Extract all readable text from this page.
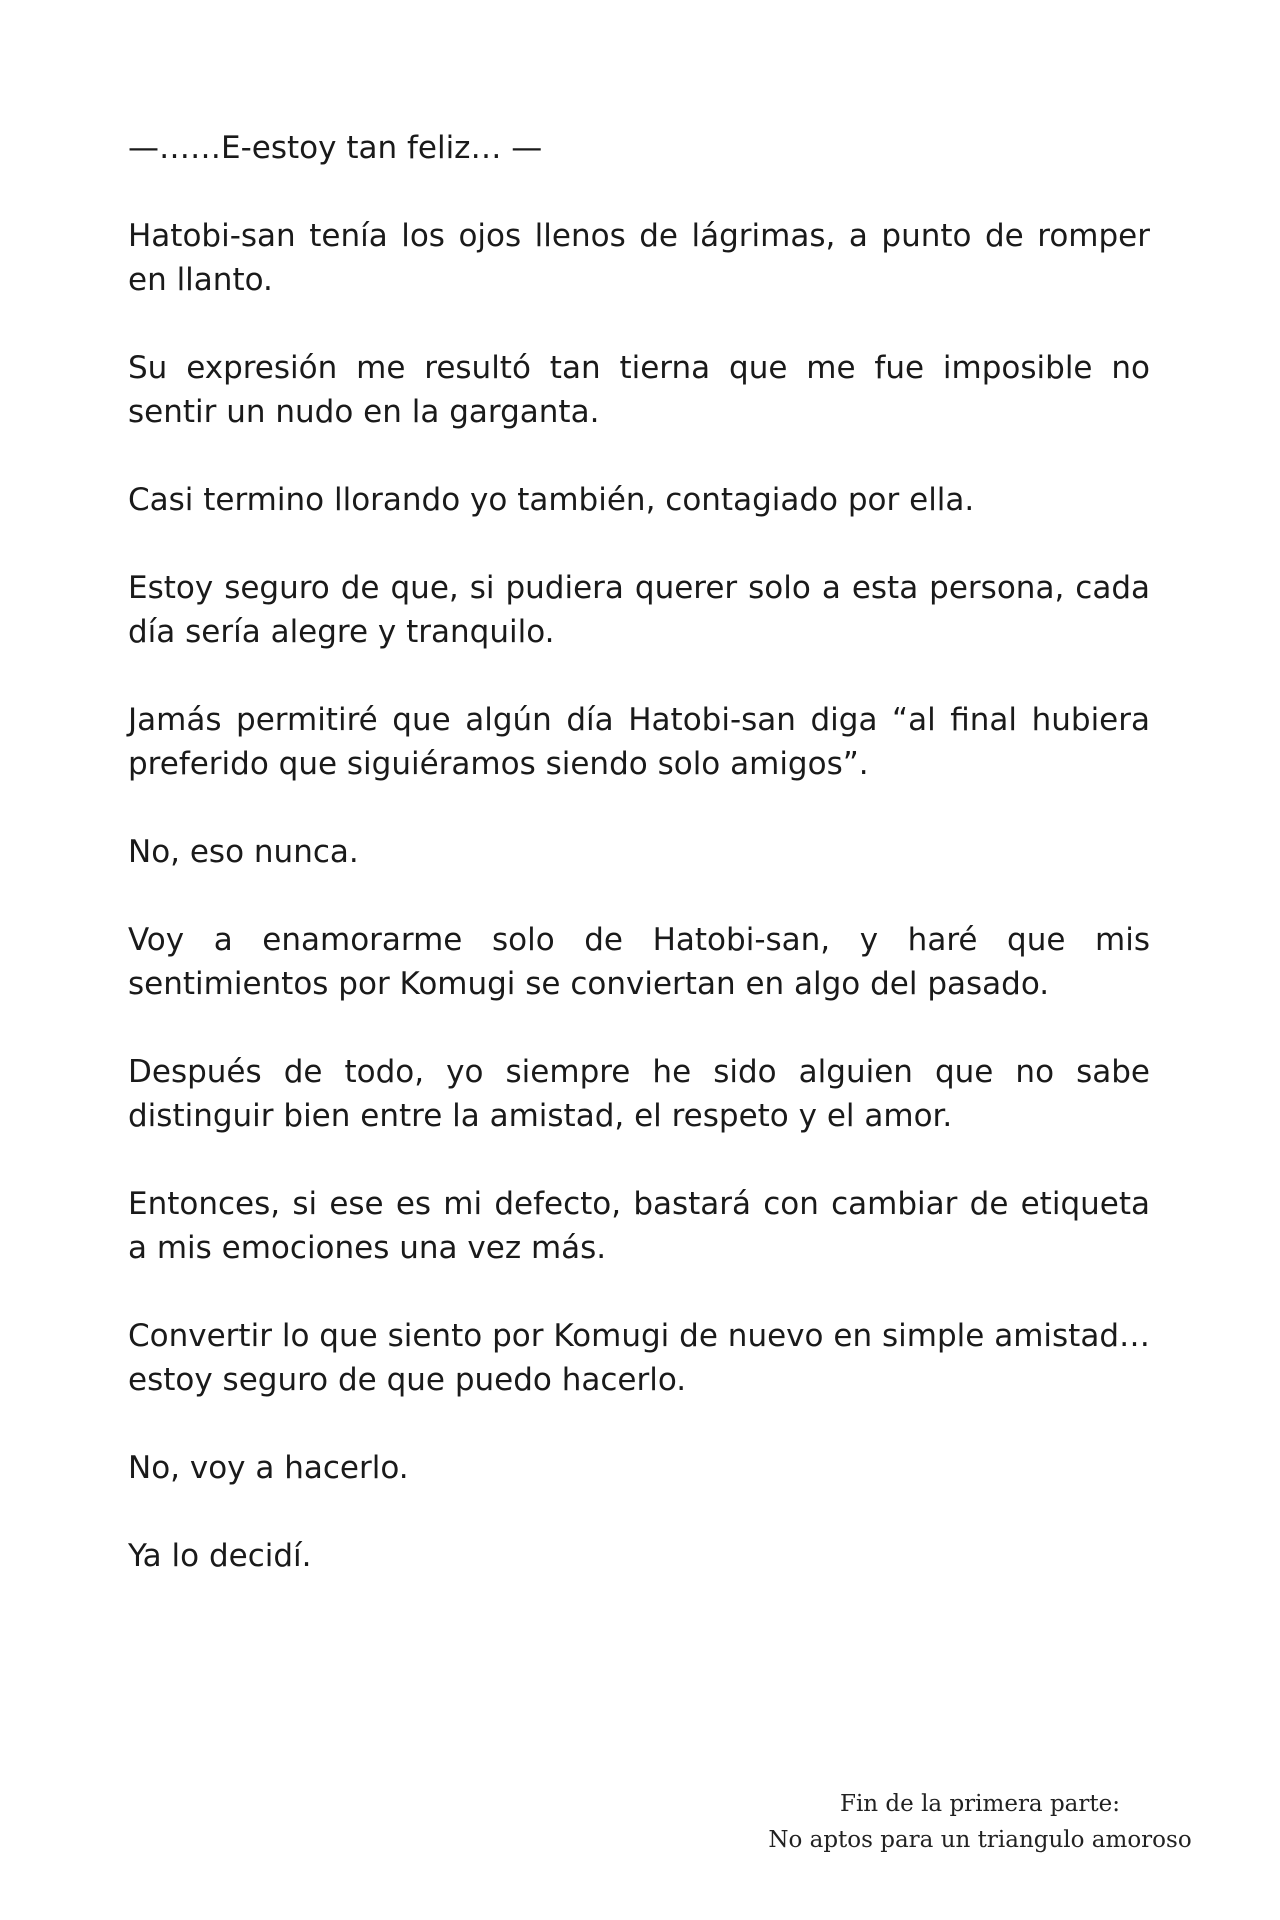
—……E-estoy tan feliz… —

Hatobi-san tenía los ojos llenos de lágrimas, a punto de romper en llanto.

Su expresión me resultó tan tierna que me fue imposible no sentir un nudo en la garganta.

Casi termino llorando yo también, contagiado por ella.

Estoy seguro de que, si pudiera querer solo a esta persona, cada día sería alegre y tranquilo.

Jamás permitiré que algún día Hatobi-san diga “al final hubiera preferido que siguiéramos siendo solo amigos”.

No, eso nunca.

Voy a enamorarme solo de Hatobi-san, y haré que mis sentimientos por Komugi se conviertan en algo del pasado.

Después de todo, yo siempre he sido alguien que no sabe distinguir bien entre la amistad, el respeto y el amor.

Entonces, si ese es mi defecto, bastará con cambiar de etiqueta a mis emociones una vez más.

Convertir lo que siento por Komugi de nuevo en simple amistad… estoy seguro de que puedo hacerlo.

No, voy a hacerlo.

Ya lo decidí.

Fin de la primera parte:
No aptos para un triangulo amoroso
